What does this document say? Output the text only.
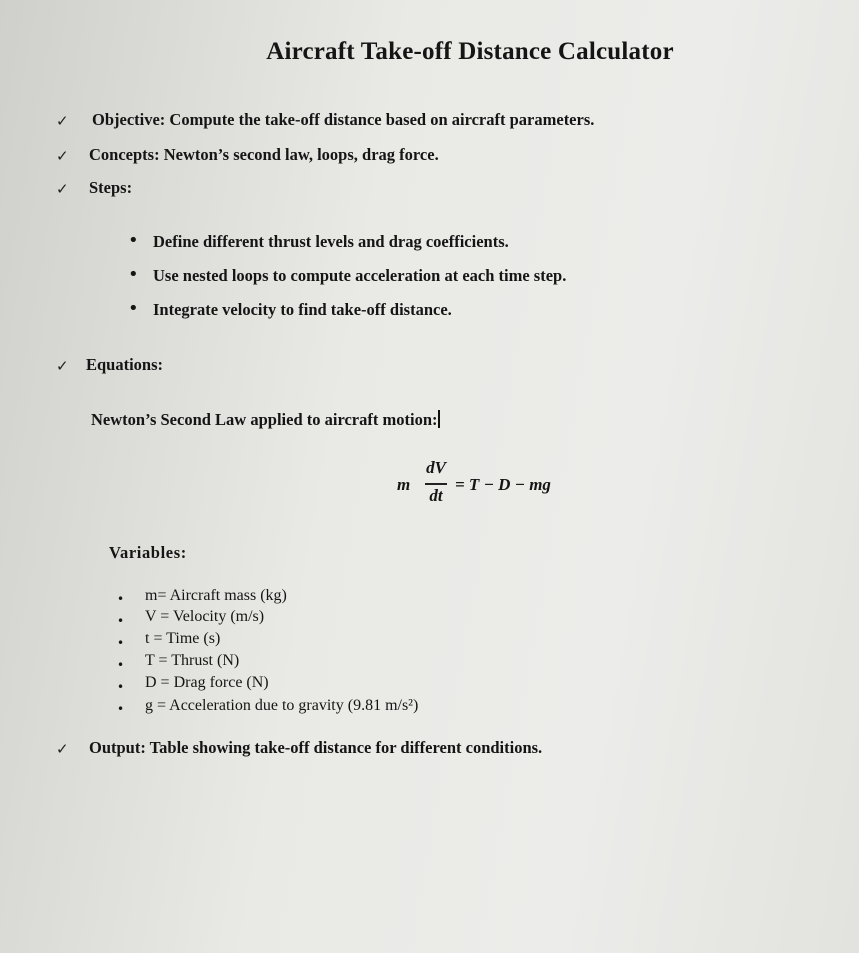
Aircraft Take-off Distance Calculator
✓ Objective: Compute the take-off distance based on aircraft parameters.
✓ Concepts: Newton’s second law, loops, drag force.
✓ Steps:
• Define different thrust levels and drag coefficients.
• Use nested loops to compute acceleration at each time step.
• Integrate velocity to find take-off distance.
✓ Equations:
Newton’s Second Law applied to aircraft motion:
m
dV
dt
= T − D − mg
Variables:
• m= Aircraft mass (kg)
• V = Velocity (m/s)
• t = Time (s)
• T = Thrust (N)
• D = Drag force (N)
• g = Acceleration due to gravity (9.81 m/s²)
✓ Output: Table showing take-off distance for different conditions.
